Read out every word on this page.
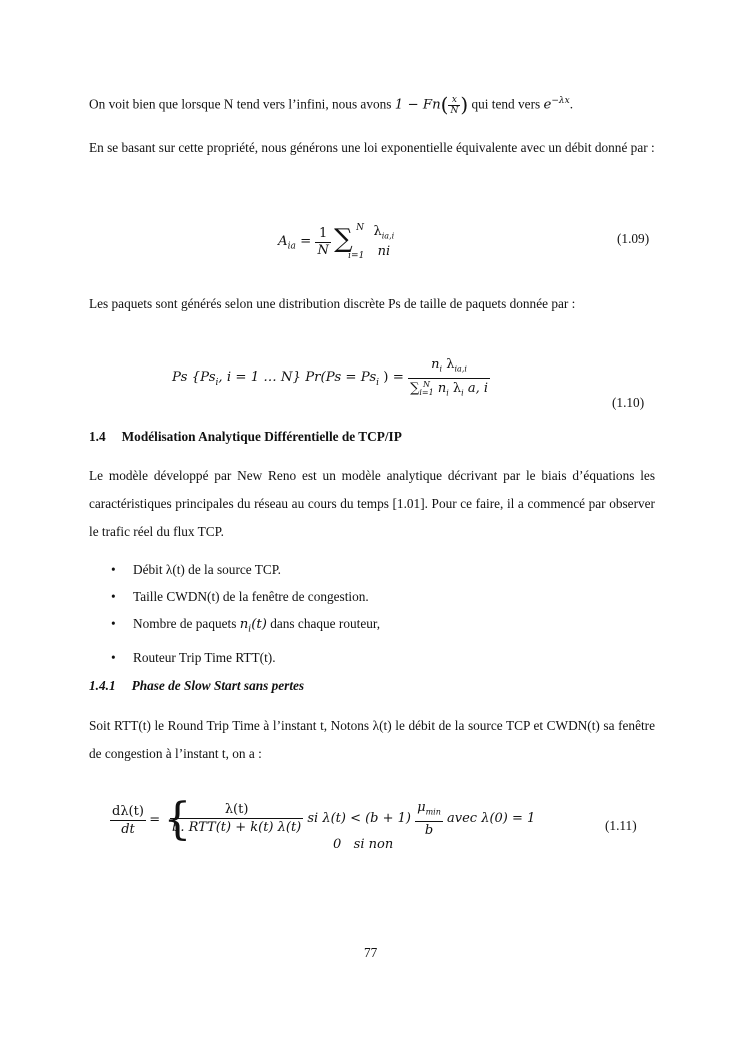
On voit bien que lorsque N tend vers l’infini, nous avons $1 - Fn( \frac{x}{N}$ ) qui tend vers $e^{-\lambda x}$.
En se basant sur cette propriété, nous générons une loi exponentielle équivalente avec un débit donné par :
$A_{ia} = \frac{1}{N}$
∑ N
i=1

$\lambda_{ia,i}$
ni
(1.09)
Les paquets sont générés selon une distribution discrète Ps de taille de paquets donnée par :
Ps {$Ps_i$, i = 1 … N} $Pr(Ps = Ps_i$ ) = $n_i$ $\lambda_{ia,i}$
∑ N
i=1 $n_i$ $\lambda_i$ a, i
(1.10)
1.4 Modélisation Analytique Différentielle de TCP/IP
Le modèle développé par New Reno est un modèle analytique décrivant par le biais d’équations les caractéristiques principales du réseau au cours du temps [1.01]. Pour ce faire, il a commencé par observer le trafic réel du flux TCP.
• Débit λ(t) de la source TCP.
• Taille CWDN(t) de la fenêtre de congestion.
• Nombre de paquets $n_i(t)$ dans chaque routeur,
• Routeur Trip Time RTT(t).
1.4.1 Phase de Slow Start sans pertes
Soit RTT(t) le Round Trip Time à l’instant t, Notons λ(t) le débit de la source TCP et CWDN(t) sa fenêtre de congestion à l’instant t, on a :
$\frac{d\lambda(t)}{dt}$ = {
$\frac{\lambda(t)}{\text{b. RTT(t) + k(t) λ(t)}}$ si $\lambda(t) < (b + 1) \frac{\mu_{min}}{b}$ avec λ(0) = 1
0   si non
(1.11)
77
